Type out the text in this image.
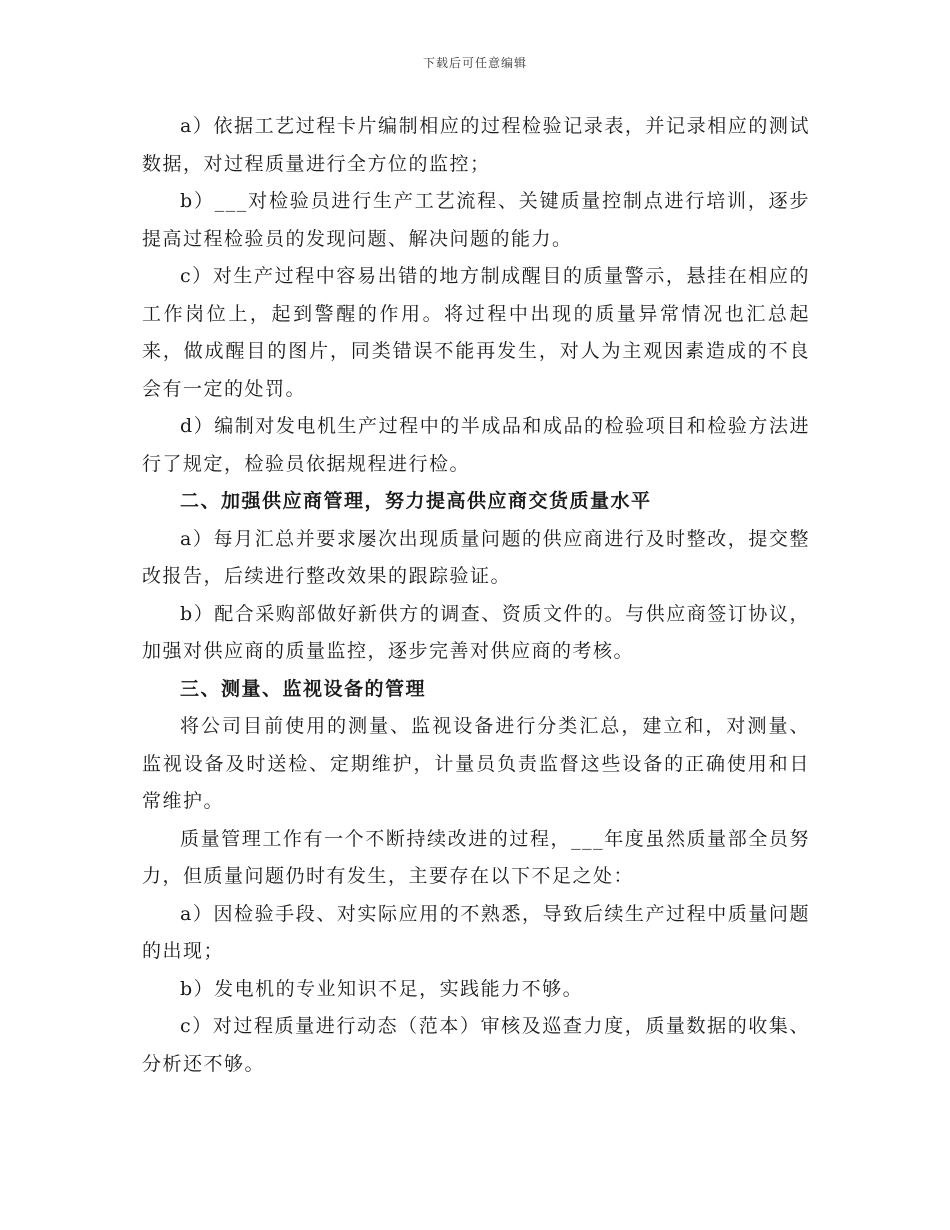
下载后可任意编辑

a）依据工艺过程卡片编制相应的过程检验记录表，并记录相应的测试数据，对过程质量进行全方位的监控；

b）___对检验员进行生产工艺流程、关键质量控制点进行培训，逐步提高过程检验员的发现问题、解决问题的能力。

c）对生产过程中容易出错的地方制成醒目的质量警示，悬挂在相应的工作岗位上，起到警醒的作用。将过程中出现的质量异常情况也汇总起来，做成醒目的图片，同类错误不能再发生，对人为主观因素造成的不良会有一定的处罚。

d）编制对发电机生产过程中的半成品和成品的检验项目和检验方法进行了规定，检验员依据规程进行检。

二、加强供应商管理，努力提高供应商交货质量水平

a）每月汇总并要求屡次出现质量问题的供应商进行及时整改，提交整改报告，后续进行整改效果的跟踪验证。

b）配合采购部做好新供方的调查、资质文件的。与供应商签订协议，加强对供应商的质量监控，逐步完善对供应商的考核。

三、测量、监视设备的管理

将公司目前使用的测量、监视设备进行分类汇总，建立和，对测量、监视设备及时送检、定期维护，计量员负责监督这些设备的正确使用和日常维护。

质量管理工作有一个不断持续改进的过程，___年度虽然质量部全员努力，但质量问题仍时有发生，主要存在以下不足之处：

a）因检验手段、对实际应用的不熟悉，导致后续生产过程中质量问题的出现；

b）发电机的专业知识不足，实践能力不够。

c）对过程质量进行动态（范本）审核及巡查力度，质量数据的收集、分析还不够。
